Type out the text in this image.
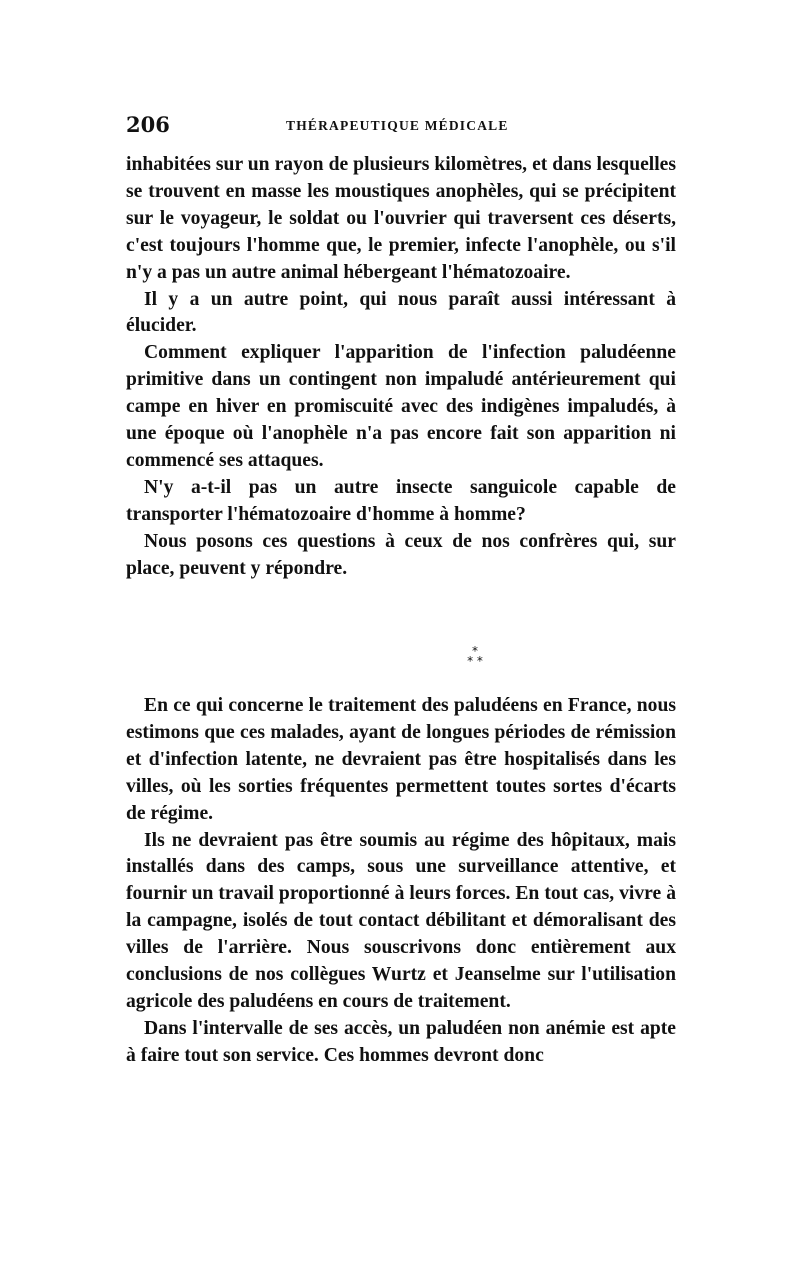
206	THÉRAPEUTIQUE MÉDICALE

inhabitées sur un rayon de plusieurs kilomètres, et dans lesquelles se trouvent en masse les moustiques anophèles, qui se précipitent sur le voyageur, le soldat ou l'ouvrier qui traversent ces déserts, c'est toujours l'homme que, le premier, infecte l'anophèle, ou s'il n'y a pas un autre animal hébergeant l'hématozoaire.

Il y a un autre point, qui nous paraît aussi intéressant à élucider.

Comment expliquer l'apparition de l'infection paludéenne primitive dans un contingent non impaludé antérieurement qui campe en hiver en promiscuité avec des indigènes impaludés, à une époque où l'anophèle n'a pas encore fait son apparition ni commencé ses attaques.

N'y a-t-il pas un autre insecte sanguicole capable de transporter l'hématozoaire d'homme à homme?

Nous posons ces questions à ceux de nos confrères qui, sur place, peuvent y répondre.

*
* *

En ce qui concerne le traitement des paludéens en France, nous estimons que ces malades, ayant de longues périodes de rémission et d'infection latente, ne devraient pas être hospitalisés dans les villes, où les sorties fréquentes permettent toutes sortes d'écarts de régime.

Ils ne devraient pas être soumis au régime des hôpitaux, mais installés dans des camps, sous une surveillance attentive, et fournir un travail proportionné à leurs forces. En tout cas, vivre à la campagne, isolés de tout contact débilitant et démoralisant des villes de l'arrière. Nous souscrivons donc entièrement aux conclusions de nos collègues Wurtz et Jeanselme sur l'utilisation agricole des paludéens en cours de traitement.

Dans l'intervalle de ses accès, un paludéen non anémie est apte à faire tout son service. Ces hommes devront donc
